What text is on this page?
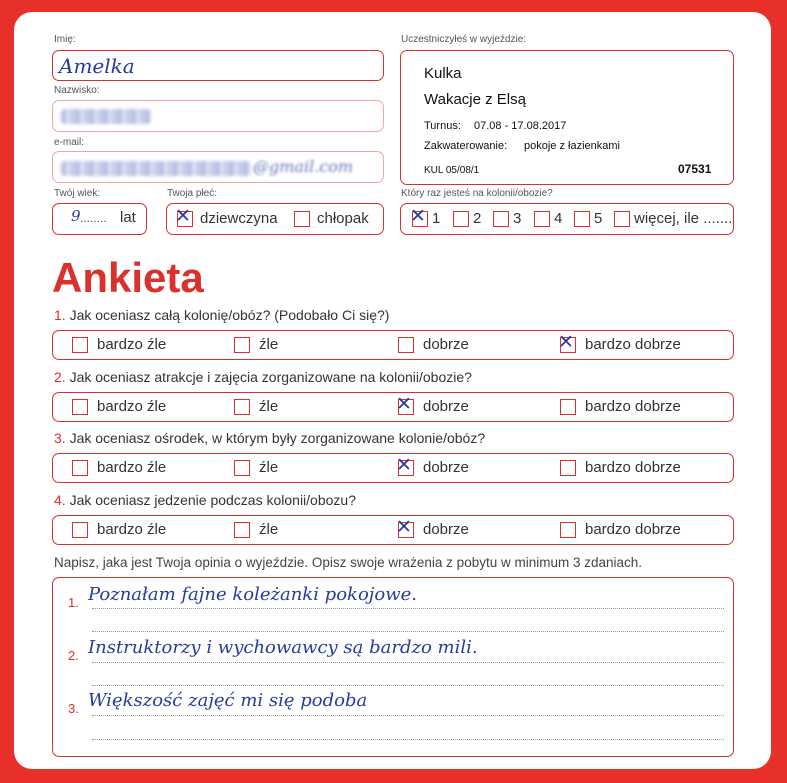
Imię:
Amelka
Nazwisko:
e-mail:
@gmail.com
Twój wiek:
9 ........ lat
Twoja płeć:
✕ dziewczyna	chłopak
Uczestniczyłeś w wyjeździe:
Kulka
Wakacje z Elsą
Turnus: 07.08 - 17.08.2017
Zakwaterowanie: pokoje z łazienkami
KUL 05/08/1	07531
Który raz jesteś na kolonii/obozie?
✕ 1 2 3 4 5 więcej, ile .......
Ankieta
1. Jak oceniasz całą kolonię/obóz? (Podobało Ci się?)
bardzo źle	źle	dobrze	✕ bardzo dobrze
2. Jak oceniasz atrakcje i zajęcia zorganizowane na kolonii/obozie?
bardzo źle	źle	✕ dobrze	bardzo dobrze
3. Jak oceniasz ośrodek, w którym były zorganizowane kolonie/obóz?
bardzo źle	źle	✕ dobrze	bardzo dobrze
4. Jak oceniasz jedzenie podczas kolonii/obozu?
bardzo źle	źle	✕ dobrze	bardzo dobrze
Napisz, jaka jest Twoja opinia o wyjeździe. Opisz swoje wrażenia z pobytu w minimum 3 zdaniach.
1. Poznałam fajne koleżanki pokojowe.
2. Instruktorzy i wychowawcy są bardzo mili.
3. Większość zajęć mi się podoba
